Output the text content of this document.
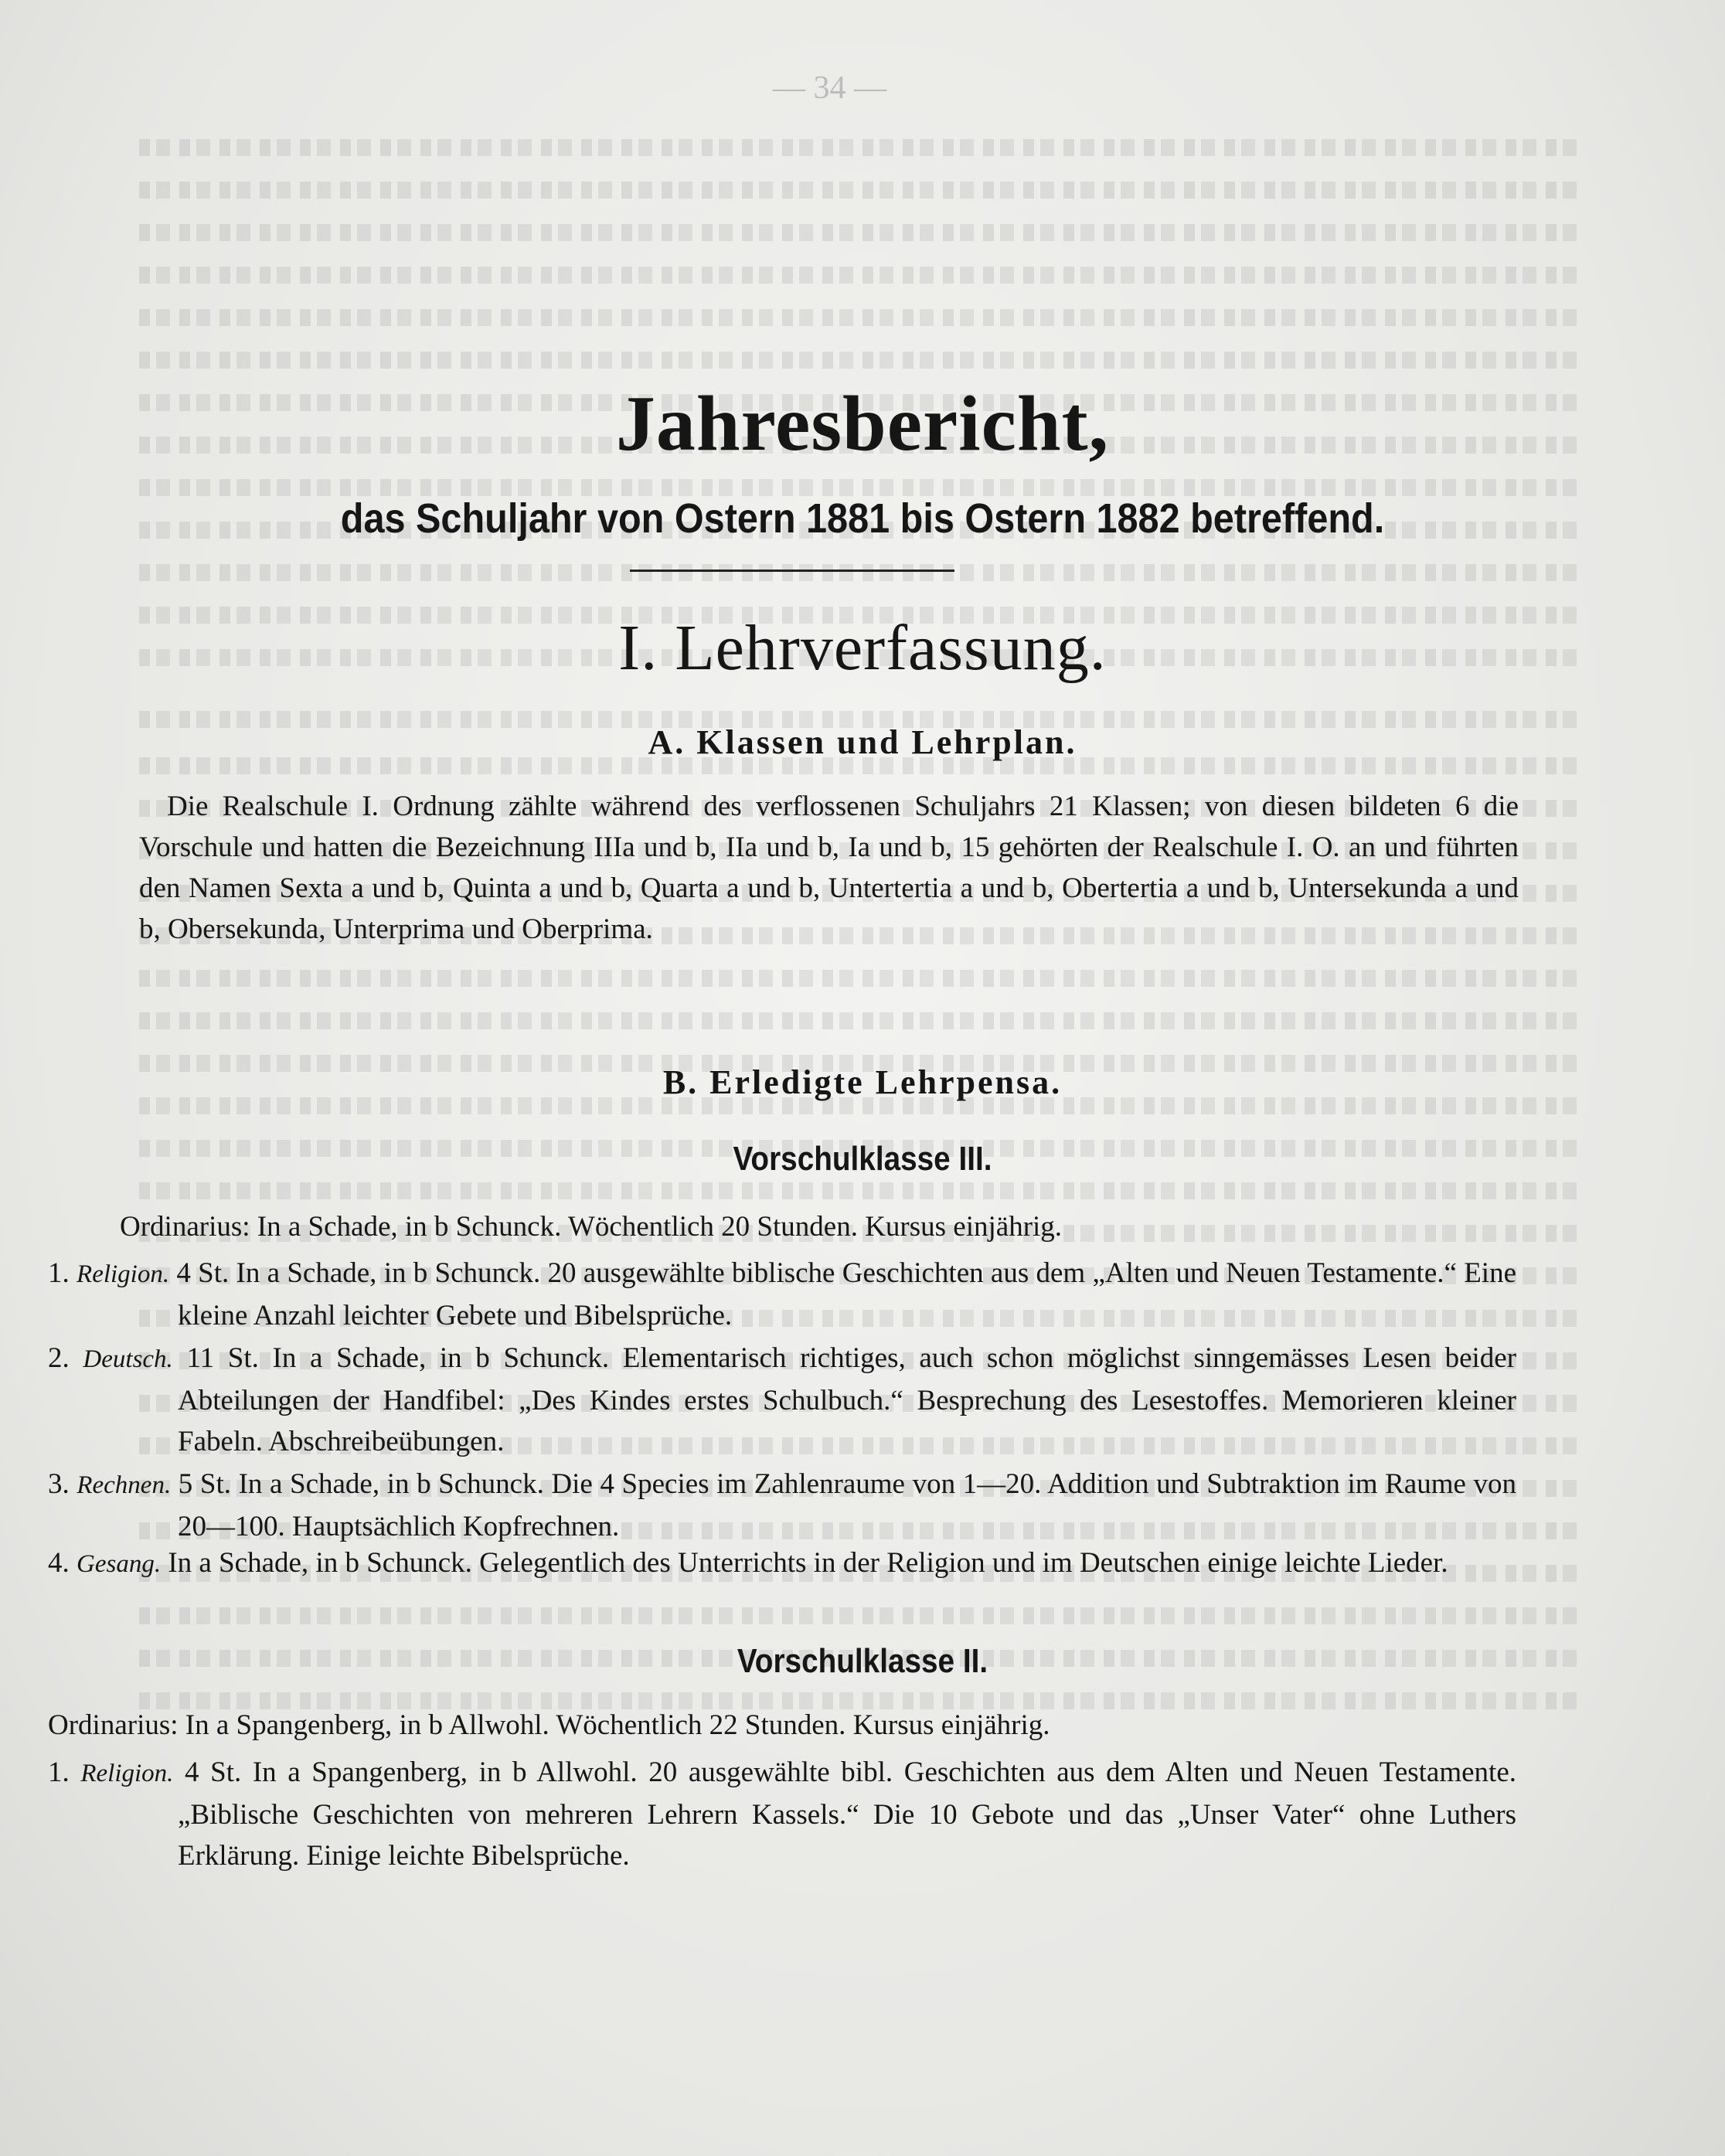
— 34 —
Jahresbericht,
das Schuljahr von Ostern 1881 bis Ostern 1882 betreffend.
I. Lehrverfassung.
A. Klassen und Lehrplan.
Die Realschule I. Ordnung zählte während des verflossenen Schuljahrs 21 Klassen; von diesen bildeten 6 die Vorschule und hatten die Bezeichnung IIIa und b, IIa und b, Ia und b, 15 gehörten der Realschule I. O. an und führten den Namen Sexta a und b, Quinta a und b, Quarta a und b, Untertertia a und b, Obertertia a und b, Untersekunda a und b, Obersekunda, Unterprima und Oberprima.
B. Erledigte Lehrpensa.
Vorschulklasse III.
Ordinarius: In a Schade, in b Schunck. Wöchentlich 20 Stunden. Kursus einjährig.
1. Religion. 4 St. In a Schade, in b Schunck. 20 ausgewählte biblische Geschichten aus dem „Alten und Neuen Testamente.“ Eine kleine Anzahl leichter Gebete und Bibelsprüche.
2. Deutsch. 11 St. In a Schade, in b Schunck. Elementarisch richtiges, auch schon möglichst sinngemässes Lesen beider Abteilungen der Handfibel: „Des Kindes erstes Schulbuch.“ Besprechung des Lesestoffes. Memorieren kleiner Fabeln. Abschreibeübungen.
3. Rechnen. 5 St. In a Schade, in b Schunck. Die 4 Species im Zahlenraume von 1—20. Addition und Subtraktion im Raume von 20—100. Hauptsächlich Kopfrechnen.
4. Gesang. In a Schade, in b Schunck. Gelegentlich des Unterrichts in der Religion und im Deutschen einige leichte Lieder.
Vorschulklasse II.
Ordinarius: In a Spangenberg, in b Allwohl. Wöchentlich 22 Stunden. Kursus einjährig.
1. Religion. 4 St. In a Spangenberg, in b Allwohl. 20 ausgewählte bibl. Geschichten aus dem Alten und Neuen Testamente. „Biblische Geschichten von mehreren Lehrern Kassels.“ Die 10 Gebote und das „Unser Vater“ ohne Luthers Erklärung. Einige leichte Bibelsprüche.
